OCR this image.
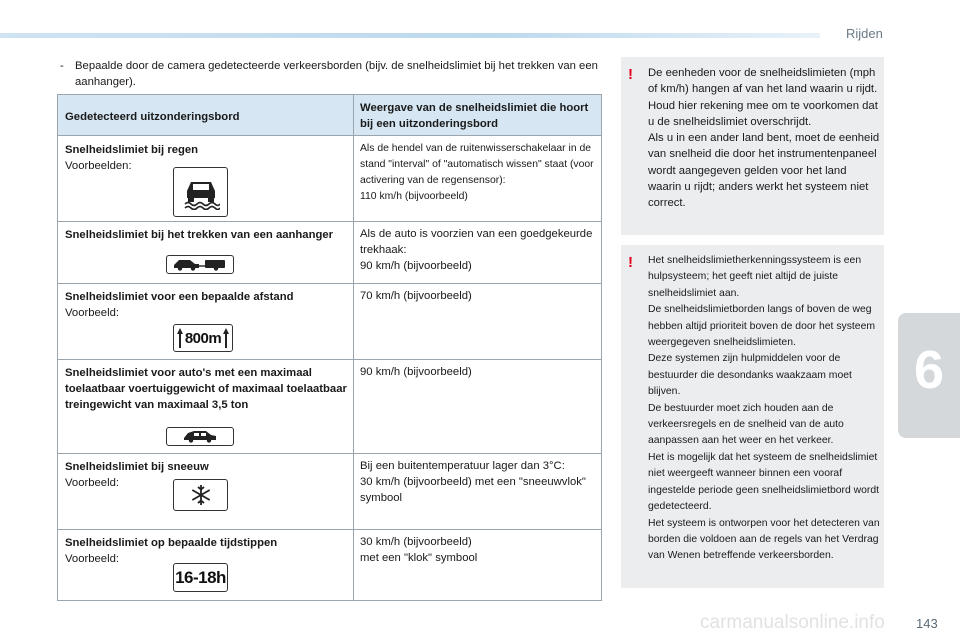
Rijden
6
- Bepaalde door de camera gedetecteerde verkeersborden (bijv. de snelheidslimiet bij het trekken van een aanhanger).
Gedetecteerd uitzonderingsbord
Weergave van de snelheidslimiet die hoort bij een uitzonderingsbord
Snelheidslimiet bij regen
Voorbeelden:
Als de hendel van de ruitenwisserschakelaar in de stand "interval" of "automatisch wissen" staat (voor activering van de regensensor):
110 km/h (bijvoorbeeld)
Snelheidslimiet bij het trekken van een aanhanger	Als de auto is voorzien van een goedgekeurde trekhaak:
90 km/h (bijvoorbeeld)
Snelheidslimiet voor een bepaalde afstand
Voorbeeld:
800m
70 km/h (bijvoorbeeld)
Snelheidslimiet voor auto's met een maximaal toelaatbaar voertuiggewicht of maximaal toelaatbaar treingewicht van maximaal 3,5 ton
90 km/h (bijvoorbeeld)
Snelheidslimiet bij sneeuw
Voorbeeld:
Bij een buitentemperatuur lager dan 3°C:
30 km/h (bijvoorbeeld) met een "sneeuwvlok" symbool
Snelheidslimiet op bepaalde tijdstippen
Voorbeeld:
16-18h
30 km/h (bijvoorbeeld)
met een "klok" symbool
! De eenheden voor de snelheidslimieten (mph of km/h) hangen af van het land waarin u rijdt.
Houd hier rekening mee om te voorkomen dat u de snelheidslimiet overschrijdt.
Als u in een ander land bent, moet de eenheid van snelheid die door het instrumentenpaneel wordt aangegeven gelden voor het land waarin u rijdt; anders werkt het systeem niet correct.
! Het snelheidslimietherkenningssysteem is een hulpsysteem; het geeft niet altijd de juiste snelheidslimiet aan.
De snelheidslimietborden langs of boven de weg hebben altijd prioriteit boven de door het systeem weergegeven snelheidslimieten.
Deze systemen zijn hulpmiddelen voor de bestuurder die desondanks waakzaam moet blijven.
De bestuurder moet zich houden aan de verkeersregels en de snelheid van de auto aanpassen aan het weer en het verkeer.
Het is mogelijk dat het systeem de snelheidslimiet niet weergeeft wanneer binnen een vooraf ingestelde periode geen snelheidslimietbord wordt gedetecteerd.
Het systeem is ontworpen voor het detecteren van borden die voldoen aan de regels van het Verdrag van Wenen betreffende verkeersborden.
carmanualsonline.info 143
